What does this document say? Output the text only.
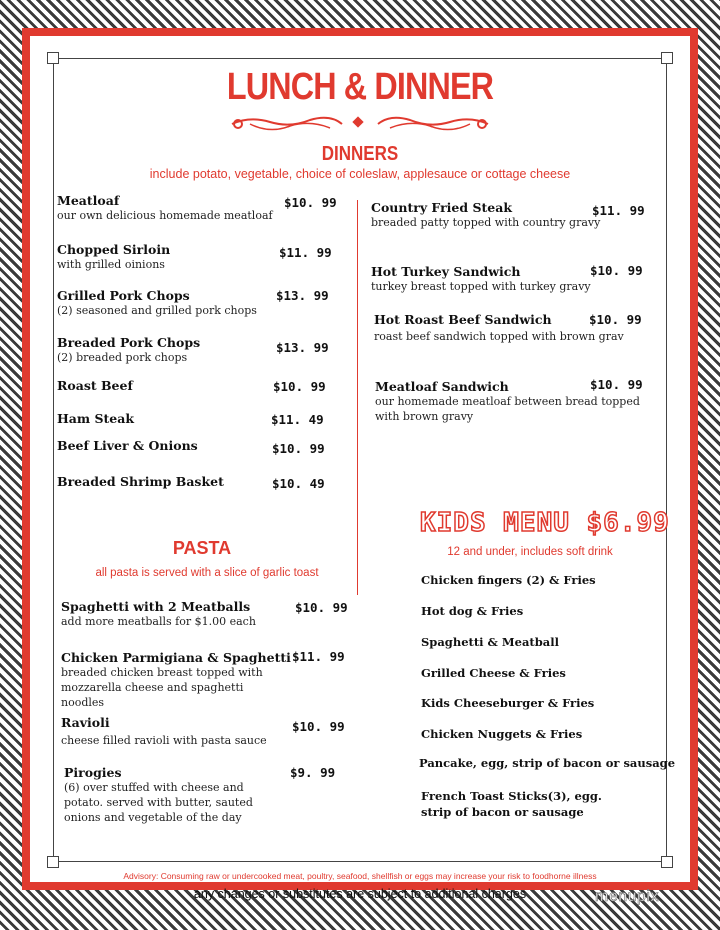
LUNCH & DINNER
DINNERS
include potato, vegetable, choice of coleslaw, applesauce or cottage cheese
Meatloaf
our own delicious homemade meatloaf
$10. 99
Chopped Sirloin
with grilled oinions
$11. 99
Grilled Pork Chops
(2) seasoned and grilled pork chops
$13. 99
Breaded Pork Chops
(2) breaded pork chops
$13. 99
Roast Beef	$10. 99
Ham Steak	$11. 49
Beef Liver & Onions	$10. 99
Breaded Shrimp Basket	$10. 49
Country Fried Steak
breaded patty topped with country gravy
$11. 99
Hot Turkey Sandwich
turkey breast topped with turkey gravy
$10. 99
Hot Roast Beef Sandwich
roast beef sandwich topped with brown grav
$10. 99
Meatloaf Sandwich
our homemade meatloaf between bread topped with brown gravy
$10. 99
PASTA
all pasta is served with a slice of garlic toast
Spaghetti with 2 Meatballs
add more meatballs for $1.00 each
$10. 99
Chicken Parmigiana & Spaghetti
breaded chicken breast topped with mozzarella cheese and spaghetti noodles
$11. 99
Ravioli
cheese filled ravioli with pasta sauce
$10. 99
Pirogies
(6) over stuffed with cheese and potato. served with butter, sauted onions and vegetable of the day
$9. 99
KIDS MENU $6.99
12 and under, includes soft drink
Chicken fingers (2) & Fries
Hot dog & Fries
Spaghetti & Meatball
Grilled Cheese & Fries
Kids Cheeseburger & Fries
Chicken Nuggets & Fries
Pancake, egg, strip of bacon or sausage
French Toast Sticks(3), egg. strip of bacon or sausage
Advisory: Consuming raw or undercooked meat, poultry, seafood, shellfish or eggs may increase your risk to foodhorne illness
any changes or substitutes are subject to additional charges	menupix
